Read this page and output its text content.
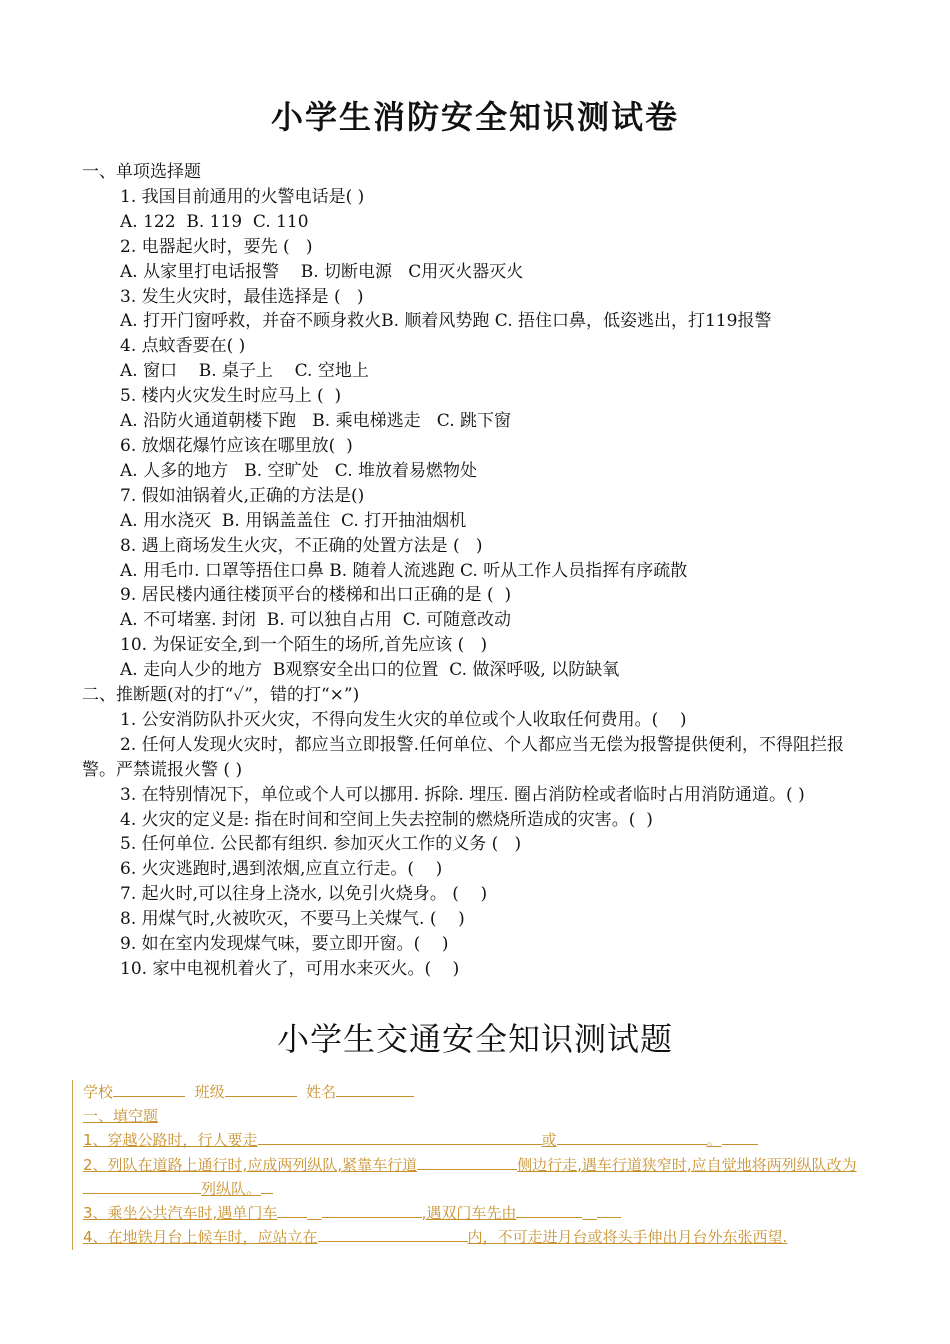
小学生消防安全知识测试卷

一、单项选择题

1. 我国目前通用的火警电话是( )

A. 122  B. 119  C. 110

2. 电器起火时，要先 (   )

A. 从家里打电话报警    B. 切断电源   C用灭火器灭火

3. 发生火灾时，最佳选择是 (   )

A. 打开门窗呼救，并奋不顾身救火B. 顺着风势跑 C. 捂住口鼻，低姿逃出，打119报警

4. 点蚊香要在( )

A. 窗口    B. 桌子上    C. 空地上

5. 楼内火灾发生时应马上 (  )

A. 沿防火通道朝楼下跑   B. 乘电梯逃走   C. 跳下窗

6. 放烟花爆竹应该在哪里放(  )

A. 人多的地方   B. 空旷处   C. 堆放着易燃物处

7. 假如油锅着火,正确的方法是()

A. 用水浇灭  B. 用锅盖盖住  C. 打开抽油烟机

8. 遇上商场发生火灾，不正确的处置方法是 (   )

A. 用毛巾. 口罩等捂住口鼻 B. 随着人流逃跑 C. 听从工作人员指挥有序疏散

9. 居民楼内通往楼顶平台的楼梯和出口正确的是 (  )

A. 不可堵塞. 封闭  B. 可以独自占用  C. 可随意改动

10. 为保证安全,到一个陌生的场所,首先应该 (   )

A. 走向人少的地方  B观察安全出口的位置  C. 做深呼吸, 以防缺氧

二、推断题(对的打“✓”，错的打“×”)

1. 公安消防队扑灭火灾，不得向发生火灾的单位或个人收取任何费用。(    )

2. 任何人发现火灾时，都应当立即报警.任何单位、个人都应当无偿为报警提供便利，不得阻拦报警。严禁谎报火警 ( )

3. 在特别情况下，单位或个人可以挪用. 拆除. 埋压. 圈占消防栓或者临时占用消防通道。( )

4. 火灾的定义是: 指在时间和空间上失去控制的燃烧所造成的灾害。(  )

5. 任何单位. 公民都有组织. 参加灭火工作的义务 (   )

6. 火灾逃跑时,遇到浓烟,应直立行走。(    )

7. 起火时,可以往身上浇水, 以免引火烧身。 (    )

8. 用煤气时,火被吹灭，不要马上关煤气. (    )

9. 如在室内发现煤气味，要立即开窗。(    )

10. 家中电视机着火了，可用水来灭火。(    )

小学生交通安全知识测试题

学校	班级	姓名

一、填空题

1、穿越公路时，行人要走	或	。

2、列队在道路上通行时,应成两列纵队,紧靠车行道	侧边行走,遇车行道狭窄时,应自觉地将两列纵队改为列纵队。

3、乘坐公共汽车时,遇单门车	,遇双门车先由

4、在地铁月台上候车时，应站立在	内，不可走进月台或将头手伸出月台外东张西望.
